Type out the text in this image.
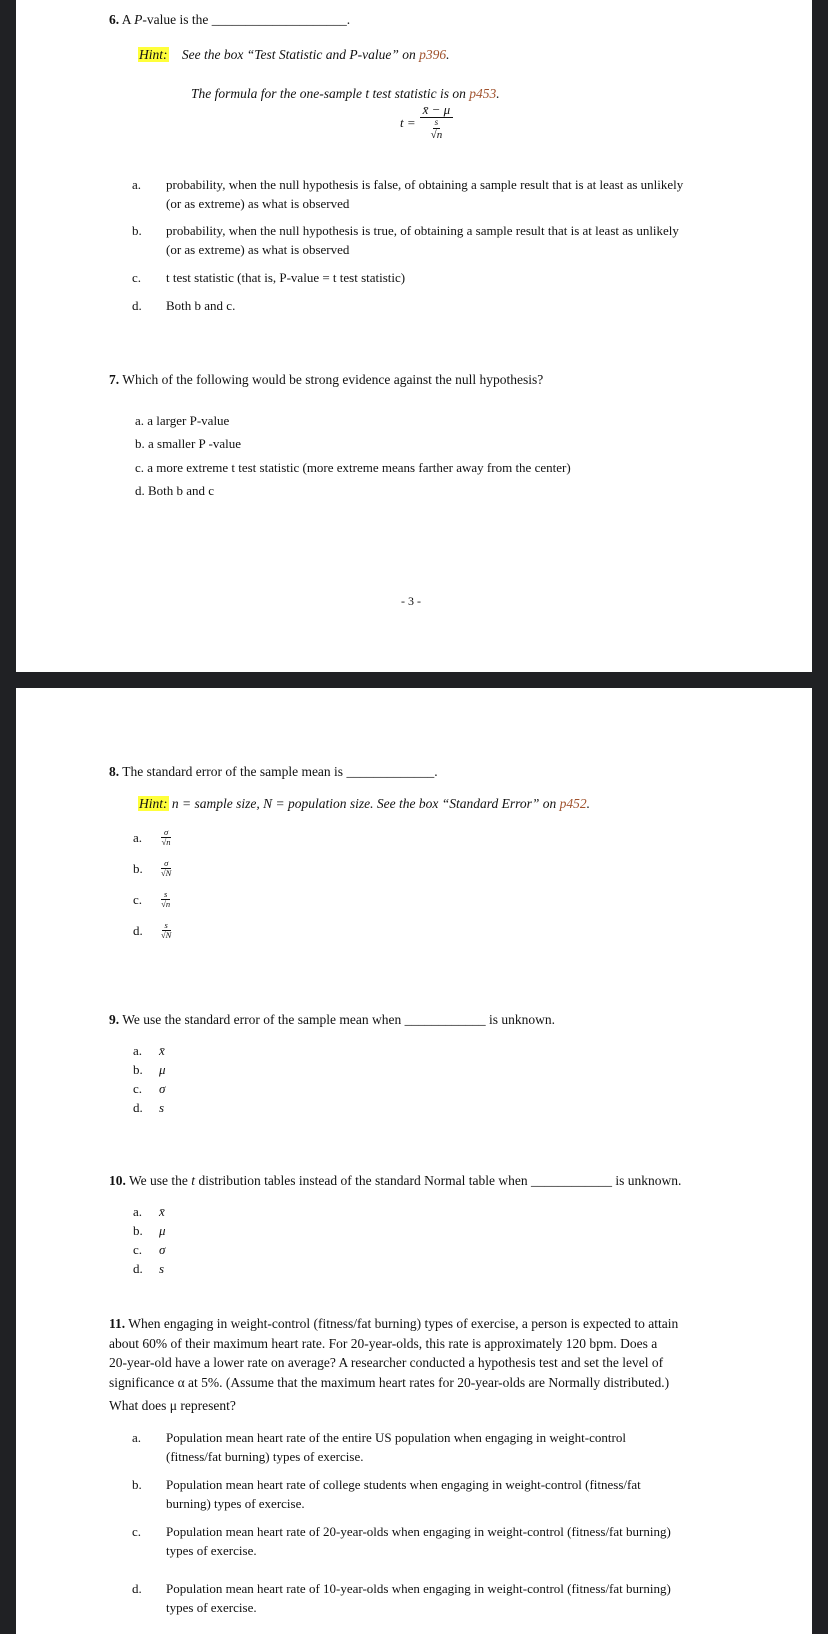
6. A P-value is the ____________________.
Hint: See the box “Test Statistic and P-value” on p396.
The formula for the one-sample t test statistic is on p453.
t = x̄ − μ
s
√n
a. probability, when the null hypothesis is false, of obtaining a sample result that is at least as unlikely (or as extreme) as what is observed
b. probability, when the null hypothesis is true, of obtaining a sample result that is at least as unlikely (or as extreme) as what is observed
c. t test statistic (that is, P-value = t test statistic)
d. Both b and c.
7. Which of the following would be strong evidence against the null hypothesis?
a. a larger P-value
b. a smaller P -value
c. a more extreme t test statistic (more extreme means farther away from the center)
d. Both b and c
- 3 -
8. The standard error of the sample mean is _____________.
Hint: n = sample size, N = population size. See the box “Standard Error” on p452.
a.	$\frac{\sigma}{√n}$
b.	$\frac{\sigma}{√N}$
c.	$\frac{s}{√n}$
d.	$\frac{s}{√N}$
9. We use the standard error of the sample mean when ____________ is unknown.
a. x̄
b. μ
c. σ
d. s
10. We use the t distribution tables instead of the standard Normal table when ____________ is unknown.
a. x̄
b. μ
c. σ
d. s
11. When engaging in weight-control (fitness/fat burning) types of exercise, a person is expected to attain
about 60% of their maximum heart rate. For 20-year-olds, this rate is approximately 120 bpm. Does a
20-year-old have a lower rate on average? A researcher conducted a hypothesis test and set the level of
significance α at 5%. (Assume that the maximum heart rates for 20-year-olds are Normally distributed.)
What does μ represent?
a. Population mean heart rate of the entire US population when engaging in weight-control
(fitness/fat burning) types of exercise.
b. Population mean heart rate of college students when engaging in weight-control (fitness/fat
burning) types of exercise.
c. Population mean heart rate of 20-year-olds when engaging in weight-control (fitness/fat burning)
types of exercise.
d. Population mean heart rate of 10-year-olds when engaging in weight-control (fitness/fat burning)
types of exercise.
